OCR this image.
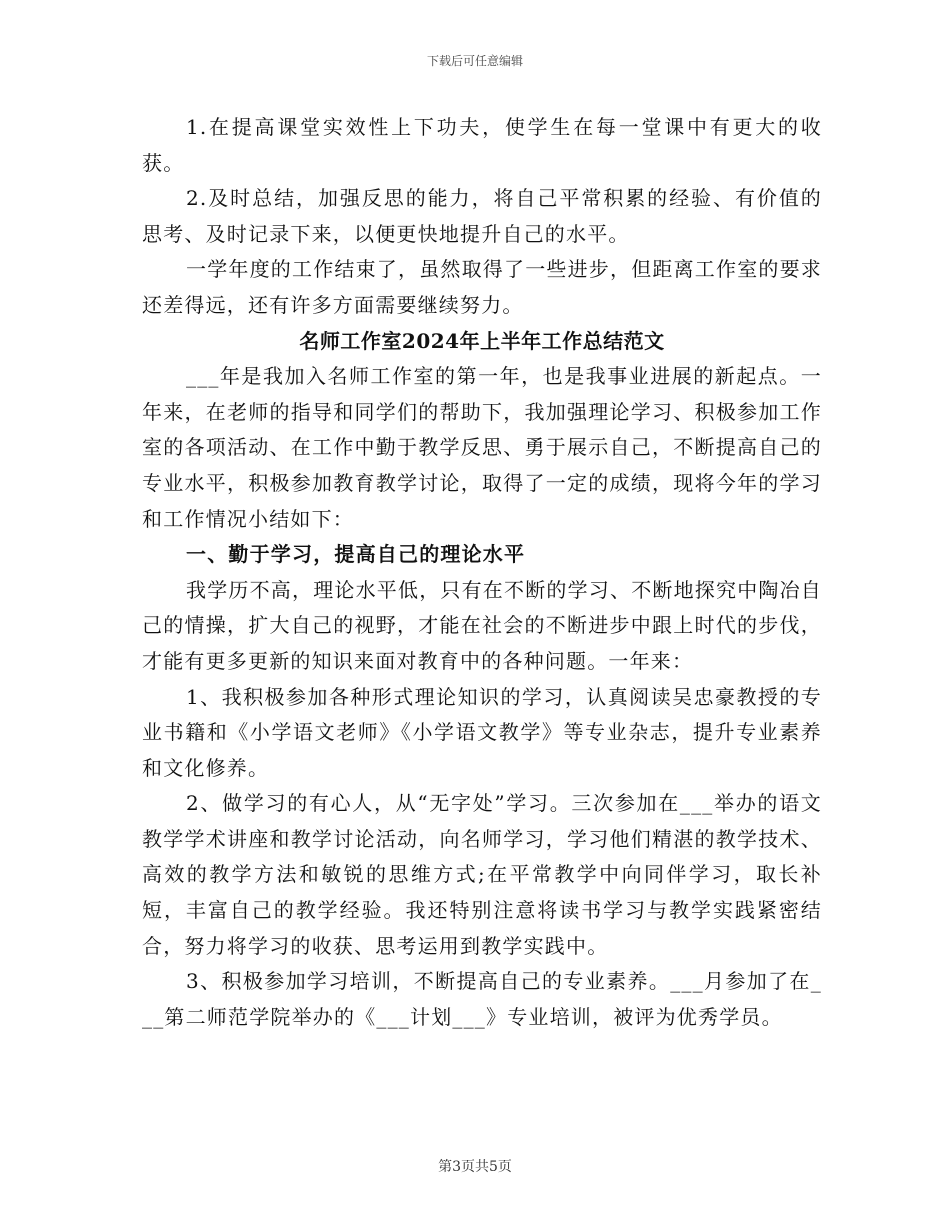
下载后可任意编辑

1.在提高课堂实效性上下功夫，使学生在每一堂课中有更大的收获。

2.及时总结，加强反思的能力，将自己平常积累的经验、有价值的思考、及时记录下来，以便更快地提升自己的水平。

一学年度的工作结束了，虽然取得了一些进步，但距离工作室的要求还差得远，还有许多方面需要继续努力。

名师工作室2024年上半年工作总结范文

___年是我加入名师工作室的第一年，也是我事业进展的新起点。一年来，在老师的指导和同学们的帮助下，我加强理论学习、积极参加工作室的各项活动、在工作中勤于教学反思、勇于展示自己，不断提高自己的专业水平，积极参加教育教学讨论，取得了一定的成绩，现将今年的学习和工作情况小结如下：

一、勤于学习，提高自己的理论水平

我学历不高，理论水平低，只有在不断的学习、不断地探究中陶冶自己的情操，扩大自己的视野，才能在社会的不断进步中跟上时代的步伐，才能有更多更新的知识来面对教育中的各种问题。一年来：

1、我积极参加各种形式理论知识的学习，认真阅读吴忠豪教授的专业书籍和《小学语文老师》《小学语文教学》等专业杂志，提升专业素养和文化修养。

2、做学习的有心人，从“无字处”学习。三次参加在___举办的语文教学学术讲座和教学讨论活动，向名师学习，学习他们精湛的教学技术、高效的教学方法和敏锐的思维方式;在平常教学中向同伴学习，取长补短，丰富自己的教学经验。我还特别注意将读书学习与教学实践紧密结合，努力将学习的收获、思考运用到教学实践中。

3、积极参加学习培训，不断提高自己的专业素养。___月参加了在___第二师范学院举办的《___计划___》专业培训，被评为优秀学员。

第3页共5页
